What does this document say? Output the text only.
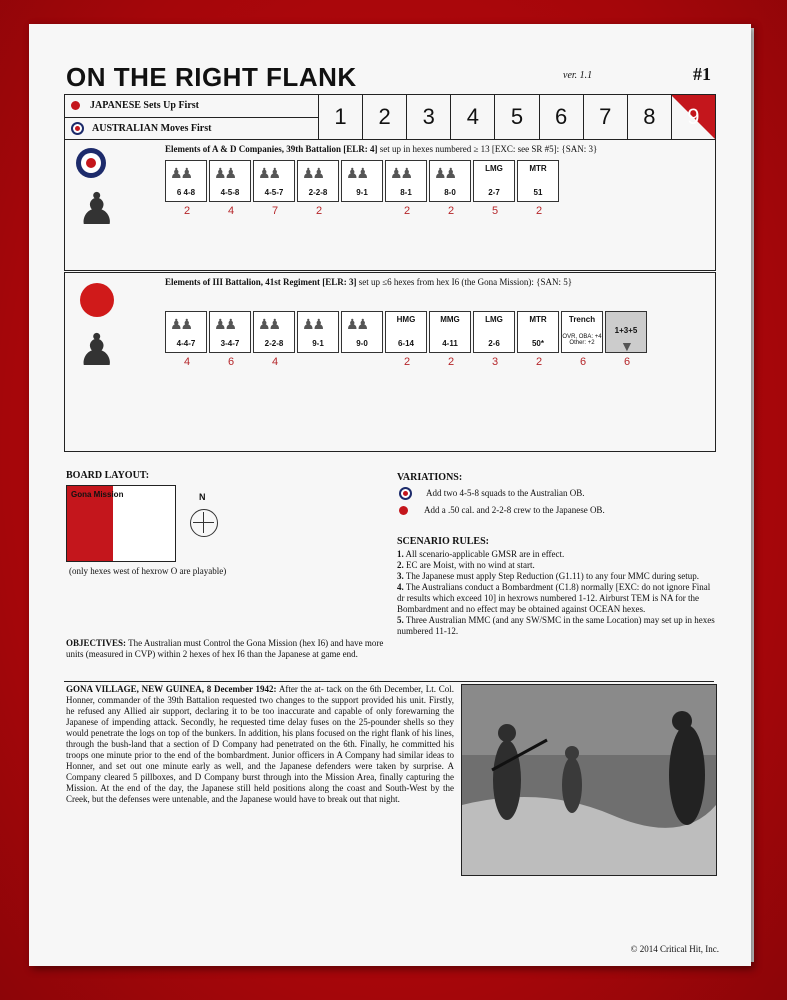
ON THE RIGHT FLANK	ver. 1.1	#1
JAPANESE Sets Up First
AUSTRALIAN Moves First	1 2 3 4 5 6 7 8 9
♟
Elements of A & D Companies, 39th Battalion [ELR: 4] set up in hexes numbered ≥ 13 [EXC: see SR #5]: {SAN: 3}
♟♟
6 4-8
♟♟
4-5-8
♟♟
4-5-7
♟♟
2-2-8
♟♟
9-1
♟♟
8-1
♟♟
8-0
LMG
2-7
MTR
51
2	4	7	2	2	2	5	2
♟
Elements of III Battalion, 41st Regiment [ELR: 3] set up ≤6 hexes from hex I6 (the Gona Mission): {SAN: 5}
♟♟
4-4-7
♟♟
3-4-7
♟♟
2-2-8
♟♟
9-1
♟♟
9-0
HMG
6-14
MMG
4-11
LMG
2-6
MTR
50*
Trench
OVR, OBA: +4 Other: +2	▼
1+3+5
4	6	4	2	2	3	2	6	6
BOARD LAYOUT:
Gona Mission	N
(only hexes west of hexrow O are playable)
VARIATIONS:
Add two 4-5-8 squads to the Australian OB.
Add a .50 cal. and 2-2-8 crew to the Japanese OB.
SCENARIO RULES:

1. All scenario-applicable GMSR are in effect.

2. EC are Moist, with no wind at start.

3. The Japanese must apply Step Reduction (G1.11) to any four MMC during setup.

4. The Australians conduct a Bombardment (C1.8) normally [EXC: do not ignore Final dr results which exceed 10] in hexrows numbered 1-12. Airburst TEM is NA for the Bombardment and no effect may be obtained against OCEAN hexes.

5. Three Australian MMC (and any SW/SMC in the same Location) may set up in hexes numbered 11-12.

OBJECTIVES: The Australian must Control the Gona Mission (hex I6) and have more units (measured in CVP) within 2 hexes of hex I6 than the Japanese at game end.
GONA VILLAGE, NEW GUINEA, 8 December 1942: After the at- tack on the 6th December, Lt. Col. Honner, commander of the 39th Battalion requested two changes to the support provided his unit. Firstly, he refused any Allied air support, declaring it to be too inaccurate and capable of only forewarning the Japanese of impending attack. Secondly, he requested time delay fuses on the 25-pounder shells so they would penetrate the logs on top of the bunkers. In addition, his plans focused on the right flank of his lines, through the bush-land that a section of D Company had penetrated on the 6th. Finally, he committed his troops one minute prior to the end of the bombardment. Junior officers in A Company had similar ideas to Honner, and set out one minute early as well, and the Japanese defenders were taken by surprise. A Company cleared 5 pillboxes, and D Company burst through into the Mission Area, finally capturing the Mission. At the end of the day, the Japanese still held positions along the coast and South-West by the Creek, but the defenses were untenable, and the Japanese would have to break out that night.
© 2014 Critical Hit, Inc.
